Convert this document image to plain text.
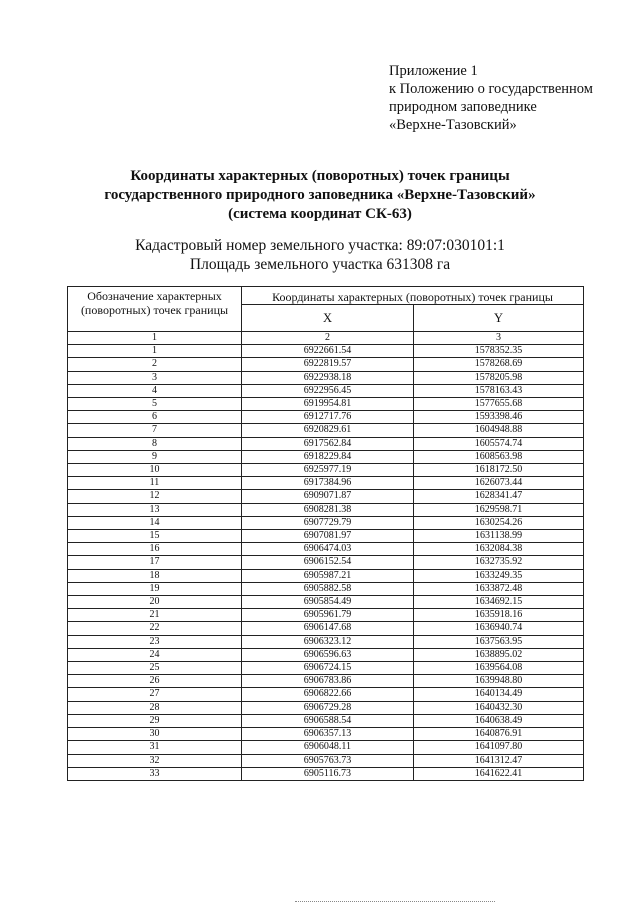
Приложение 1
к Положению о государственном
природном заповеднике
«Верхне-Тазовский»
Координаты характерных (поворотных) точек границы
государственного природного заповедника «Верхне-Тазовский»
(система координат СК-63)
Кадастровый номер земельного участка: 89:07:030101:1
Площадь земельного участка 631308 га
Обозначение характерных (поворотных) точек границы	Координаты характерных (поворотных) точек границы	
	X	Y
1	2	3
1	6922661.54	1578352.35
2	6922819.57	1578268.69
3	6922938.18	1578205.98
4	6922956.45	1578163.43
5	6919954.81	1577655.68
6	6912717.76	1593398.46
7	6920829.61	1604948.88
8	6917562.84	1605574.74
9	6918229.84	1608563.98
10	6925977.19	1618172.50
11	6917384.96	1626073.44
12	6909071.87	1628341.47
13	6908281.38	1629598.71
14	6907729.79	1630254.26
15	6907081.97	1631138.99
16	6906474.03	1632084.38
17	6906152.54	1632735.92
18	6905987.21	1633249.35
19	6905882.58	1633872.48
20	6905854.49	1634692.15
21	6905961.79	1635918.16
22	6906147.68	1636940.74
23	6906323.12	1637563.95
24	6906596.63	1638895.02
25	6906724.15	1639564.08
26	6906783.86	1639948.80
27	6906822.66	1640134.49
28	6906729.28	1640432.30
29	6906588.54	1640638.49
30	6906357.13	1640876.91
31	6906048.11	1641097.80
32	6905763.73	1641312.47
33	6905116.73	1641622.41
